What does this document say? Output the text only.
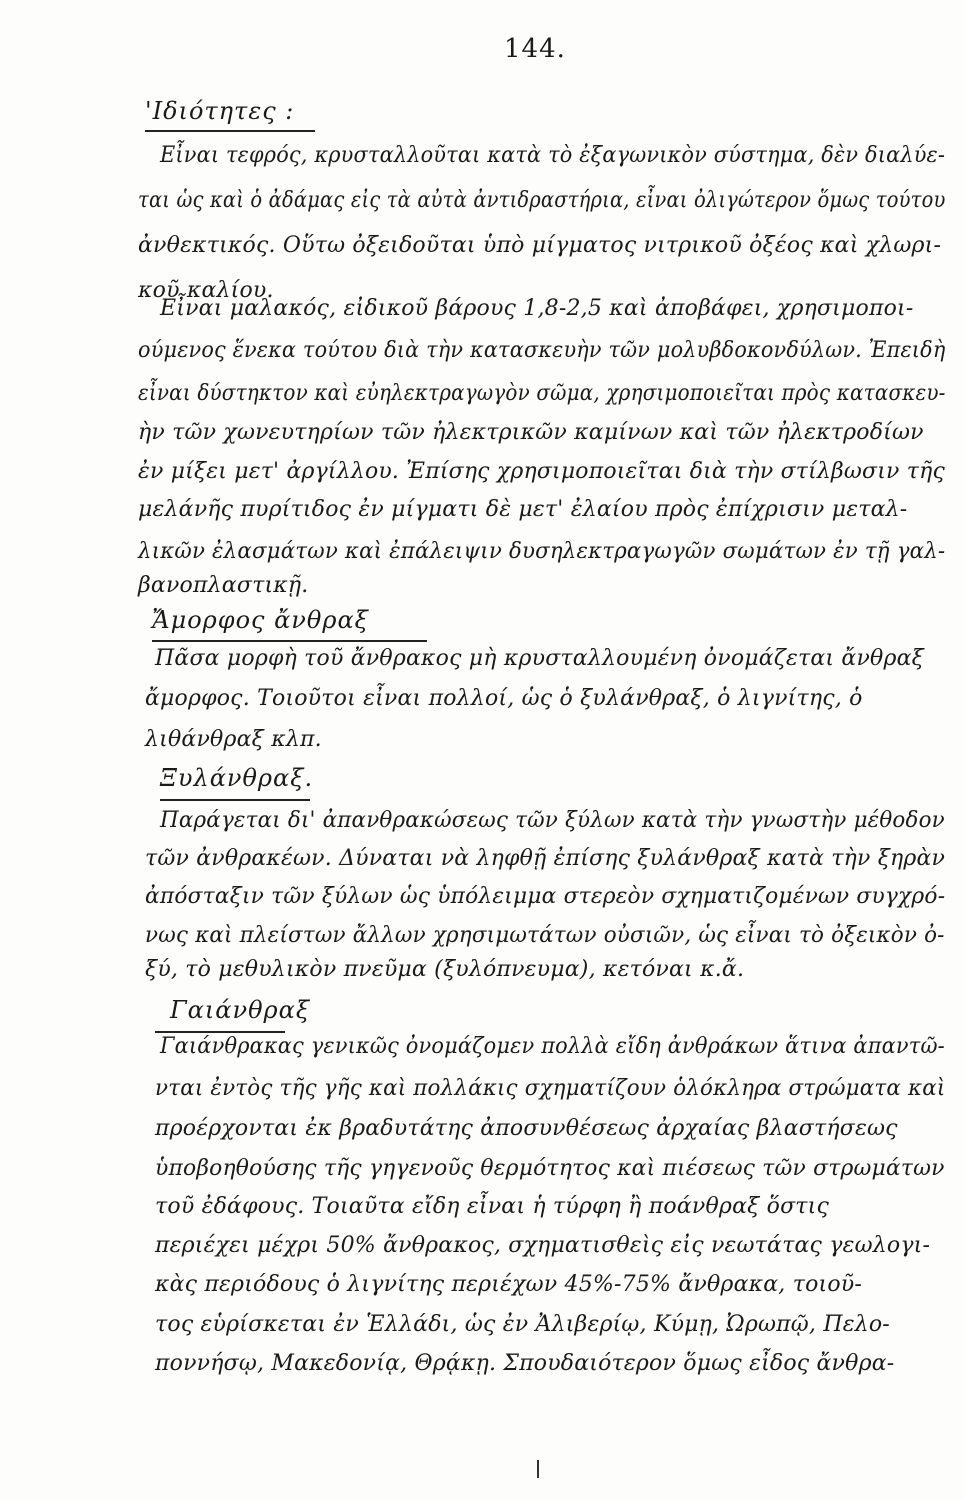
144.
'Ιδιότητες :
Εἶναι τεφρός, κρυσταλλοῦται κατὰ τὸ ἐξαγωνικὸν σύστημα, δὲν διαλύε-
ται ὡς καὶ ὁ ἀδάμας εἰς τὰ αὐτὰ ἀντιδραστήρια, εἶναι ὀλιγώτερον ὅμως τούτου
ἀνθεκτικός. Οὕτω ὀξειδοῦται ὑπὸ μίγματος νιτρικοῦ ὀξέος καὶ χλωρι-
κοῦ καλίου.
Εἶναι μαλακός, εἰδικοῦ βάρους 1,8-2,5 καὶ ἀποβάφει, χρησιμοποι-
ούμενος ἕνεκα τούτου διὰ τὴν κατασκευὴν τῶν μολυβδοκονδύλων. Ἐπειδὴ
εἶναι δύστηκτον καὶ εὐηλεκτραγωγὸν σῶμα, χρησιμοποιεῖται πρὸς κατασκευ-
ὴν τῶν χωνευτηρίων τῶν ἠλεκτρικῶν καμίνων καὶ τῶν ἠλεκτροδίων
ἐν μίξει μετ' ἀργίλλου. Ἐπίσης χρησιμοποιεῖται διὰ τὴν στίλβωσιν τῆς
μελάνῆς πυρίτιδος ἐν μίγματι δὲ μετ' ἐλαίου πρὸς ἐπίχρισιν μεταλ-
λικῶν ἐλασμάτων καὶ ἐπάλειψιν δυσηλεκτραγωγῶν σωμάτων ἐν τῇ γαλ-
βανοπλαστικῇ.
Ἄμορφος ἄνθραξ
Πᾶσα μορφὴ τοῦ ἄνθρακος μὴ κρυσταλλουμένη ὀνομάζεται ἄνθραξ
ἄμορφος. Τοιοῦτοι εἶναι πολλοί, ὡς ὁ ξυλάνθραξ, ὁ λιγνίτης, ὁ
λιθάνθραξ κλπ.
Ξυλάνθραξ.
Παράγεται δι' ἀπανθρακώσεως τῶν ξύλων κατὰ τὴν γνωστὴν μέθοδον
τῶν ἀνθρακέων. Δύναται νὰ ληφθῇ ἐπίσης ξυλάνθραξ κατὰ τὴν ξηρὰν
ἀπόσταξιν τῶν ξύλων ὡς ὑπόλειμμα στερεὸν σχηματιζομένων συγχρό-
νως καὶ πλείστων ἄλλων χρησιμωτάτων οὐσιῶν, ὡς εἶναι τὸ ὀξεικὸν ὀ-
ξύ, τὸ μεθυλικὸν πνεῦμα (ξυλόπνευμα), κετόναι κ.ἄ.
Γαιάνθραξ
Γαιάνθρακας γενικῶς ὀνομάζομεν πολλὰ εἴδη ἀνθράκων ἅτινα ἀπαντῶ-
νται ἐντὸς τῆς γῆς καὶ πολλάκις σχηματίζουν ὁλόκληρα στρώματα καὶ
προέρχονται ἐκ βραδυτάτης ἀποσυνθέσεως ἀρχαίας βλαστήσεως
ὑποβοηθούσης τῆς γηγενοῦς θερμότητος καὶ πιέσεως τῶν στρωμάτων
τοῦ ἐδάφους. Τοιαῦτα εἴδη εἶναι ἡ τύρφη ἢ ποάνθραξ ὅστις
περιέχει μέχρι 50% ἄνθρακος, σχηματισθεὶς εἰς νεωτάτας γεωλογι-
κὰς περιόδους ὁ λιγνίτης περιέχων 45%-75% ἄνθρακα, τοιοῦ-
τος εὑρίσκεται ἐν Ἑλλάδι, ὡς ἐν Ἀλιβερίῳ, Κύμῃ, Ὠρωπῷ, Πελο-
ποννήσῳ, Μακεδονίᾳ, Θρᾴκῃ. Σπουδαιότερον ὅμως εἶδος ἄνθρα-
